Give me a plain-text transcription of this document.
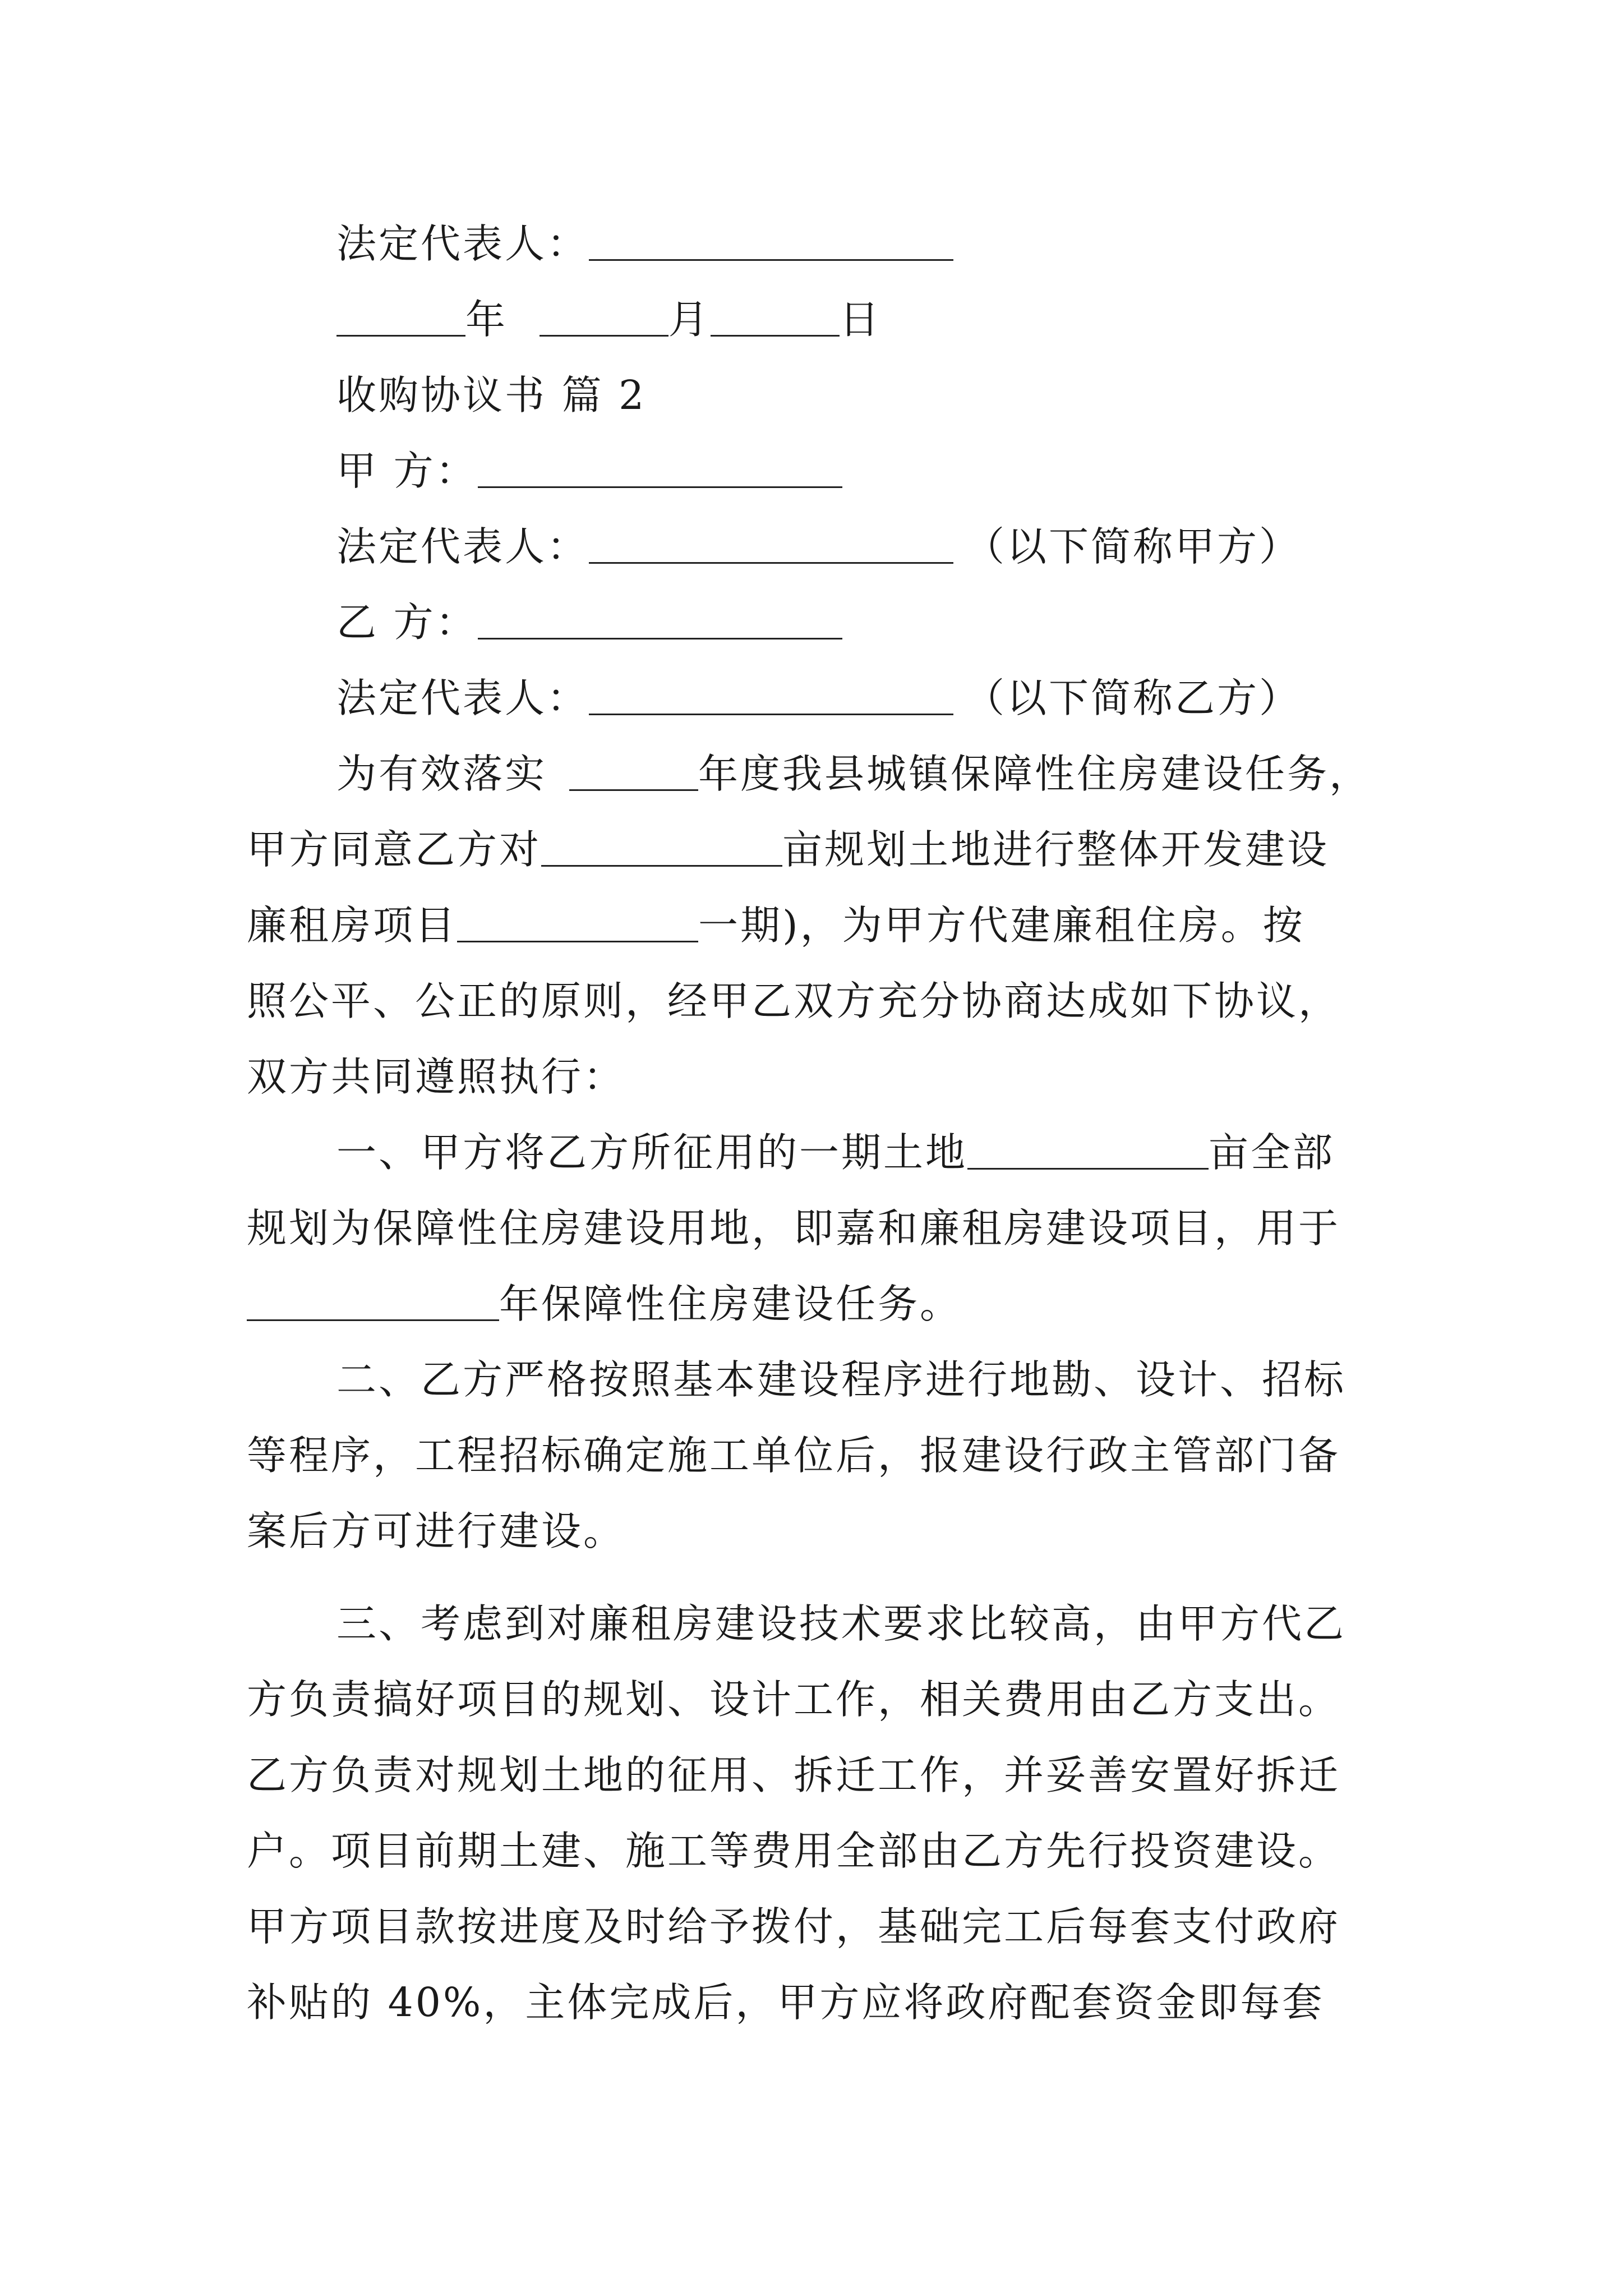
法定代表人：
年	月	日
收购协议书 篇 2
甲 方：
法定代表人：	（以下简称甲方）
乙 方：
法定代表人：	（以下简称乙方）
为有效落实	年度我县城镇保障性住房建设任务，
甲方同意乙方对	亩规划土地进行整体开发建设
廉租房项目	一期)，为甲方代建廉租住房。按
照公平、公正的原则，经甲乙双方充分协商达成如下协议，
双方共同遵照执行：
一、甲方将乙方所征用的一期土地	亩全部
规划为保障性住房建设用地，即嘉和廉租房建设项目，用于
年保障性住房建设任务。
二、乙方严格按照基本建设程序进行地勘、设计、招标
等程序，工程招标确定施工单位后，报建设行政主管部门备
案后方可进行建设。
三、考虑到对廉租房建设技术要求比较高，由甲方代乙
方负责搞好项目的规划、设计工作，相关费用由乙方支出。
乙方负责对规划土地的征用、拆迁工作，并妥善安置好拆迁
户。项目前期土建、施工等费用全部由乙方先行投资建设。
甲方项目款按进度及时给予拨付，基础完工后每套支付政府
补贴的 40%，主体完成后，甲方应将政府配套资金即每套
